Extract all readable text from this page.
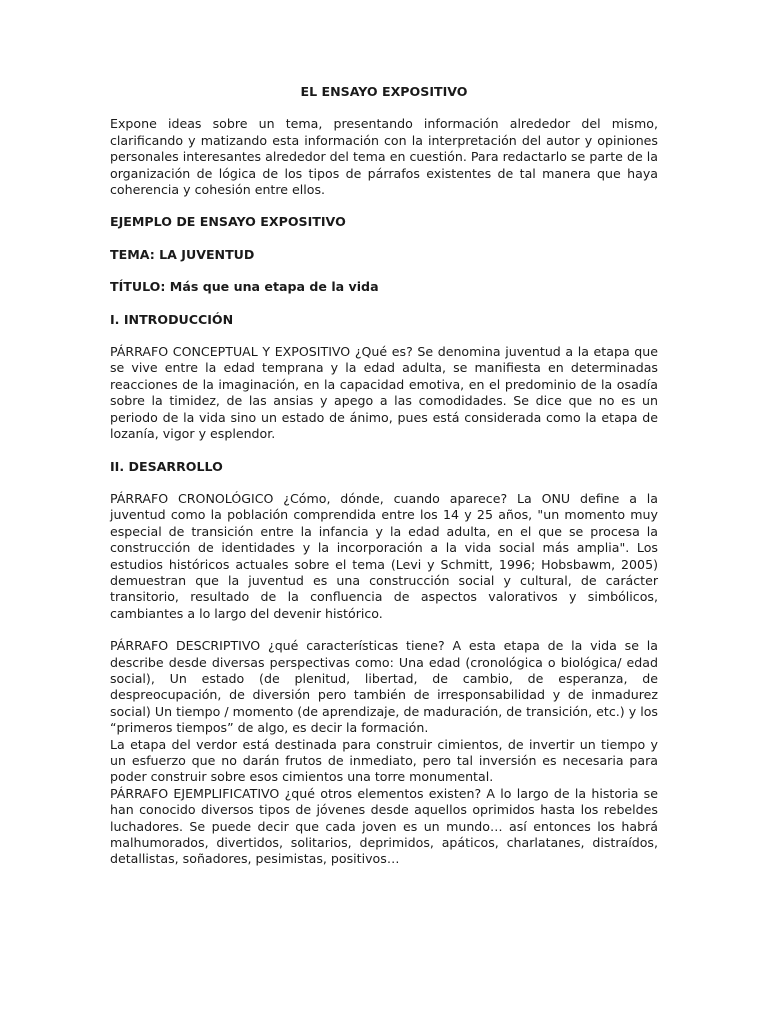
EL ENSAYO EXPOSITIVO
Expone ideas sobre un tema, presentando información alrededor del mismo, clarificando y matizando esta información con la interpretación del autor y opiniones personales interesantes alrededor del tema en cuestión. Para redactarlo se parte de la organización de lógica de los tipos de párrafos existentes de tal manera que haya coherencia y cohesión entre ellos.
EJEMPLO DE ENSAYO EXPOSITIVO
TEMA: LA JUVENTUD
TÍTULO: Más que una etapa de la vida
I. INTRODUCCIÓN
PÁRRAFO CONCEPTUAL Y EXPOSITIVO ¿Qué es? Se denomina juventud a la etapa que se vive entre la edad temprana y la edad adulta, se manifiesta en determinadas reacciones de la imaginación, en la capacidad emotiva, en el predominio de la osadía sobre la timidez, de las ansias y apego a las comodidades. Se dice que no es un periodo de la vida sino un estado de ánimo, pues está considerada como la etapa de lozanía, vigor y esplendor.
II. DESARROLLO
PÁRRAFO CRONOLÓGICO ¿Cómo, dónde, cuando aparece? La ONU define a la juventud como la población comprendida entre los 14 y 25 años, "un momento muy especial de transición entre la infancia y la edad adulta, en el que se procesa la construcción de identidades y la incorporación a la vida social más amplia". Los estudios históricos actuales sobre el tema (Levi y Schmitt, 1996; Hobsbawm, 2005) demuestran que la juventud es una construcción social y cultural, de carácter transitorio, resultado de la confluencia de aspectos valorativos y simbólicos, cambiantes a lo largo del devenir histórico.
PÁRRAFO DESCRIPTIVO ¿qué características tiene? A esta etapa de la vida se la describe desde diversas perspectivas como: Una edad (cronológica o biológica/ edad social), Un estado (de plenitud, libertad, de cambio, de esperanza, de despreocupación, de diversión pero también de irresponsabilidad y de inmadurez social) Un tiempo / momento (de aprendizaje, de maduración, de transición, etc.) y los “primeros tiempos” de algo, es decir la formación.
La etapa del verdor está destinada para construir cimientos, de invertir un tiempo y un esfuerzo que no darán frutos de inmediato, pero tal inversión es necesaria para poder construir sobre esos cimientos una torre monumental.
PÁRRAFO EJEMPLIFICATIVO ¿qué otros elementos existen? A lo largo de la historia se han conocido diversos tipos de jóvenes desde aquellos oprimidos hasta los rebeldes luchadores. Se puede decir que cada joven es un mundo… así entonces los habrá malhumorados, divertidos, solitarios, deprimidos, apáticos, charlatanes, distraídos, detallistas, soñadores, pesimistas, positivos…
